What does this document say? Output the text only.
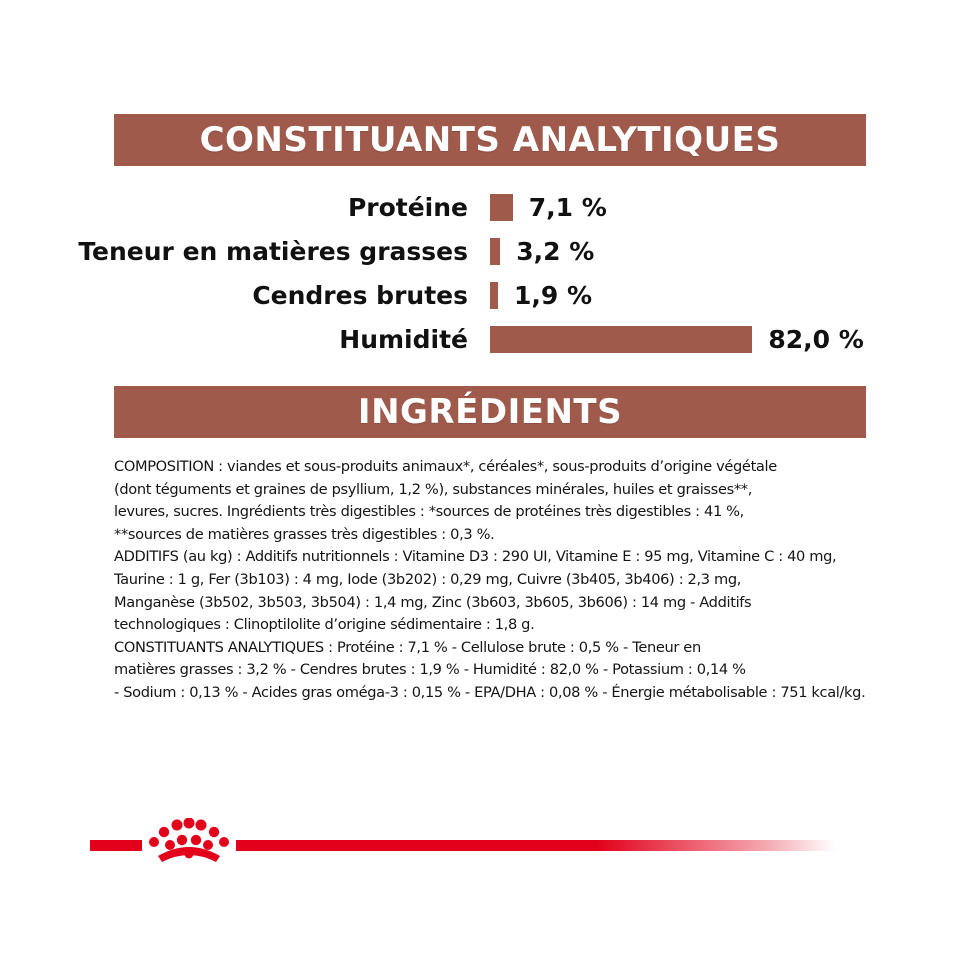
CONSTITUANTS ANALYTIQUES
Protéine 7,1 %
Teneur en matières grasses 3,2 %
Cendres brutes 1,9 %
Humidité	82,0 %
INGRÉDIENTS

COMPOSITION : viandes et sous-produits animaux*, céréales*, sous-produits d’origine végétale

(dont téguments et graines de psyllium, 1,2 %), substances minérales, huiles et graisses**,

levures, sucres. Ingrédients très digestibles : *sources de protéines très digestibles : 41 %,

**sources de matières grasses très digestibles : 0,3 %.

ADDITIFS (au kg) : Additifs nutritionnels : Vitamine D3 : 290 UI, Vitamine E : 95 mg, Vitamine C : 40 mg,

Taurine : 1 g, Fer (3b103) : 4 mg, Iode (3b202) : 0,29 mg, Cuivre (3b405, 3b406) : 2,3 mg,

Manganèse (3b502, 3b503, 3b504) : 1,4 mg, Zinc (3b603, 3b605, 3b606) : 14 mg - Additifs

technologiques : Clinoptilolite d’origine sédimentaire : 1,8 g.

CONSTITUANTS ANALYTIQUES : Protéine : 7,1 % - Cellulose brute : 0,5 % - Teneur en

matières grasses : 3,2 % - Cendres brutes : 1,9 % - Humidité : 82,0 % - Potassium : 0,14 %

- Sodium : 0,13 % - Acides gras oméga-3 : 0,15 % - EPA/DHA : 0,08 % - Énergie métabolisable : 751 kcal/kg.
